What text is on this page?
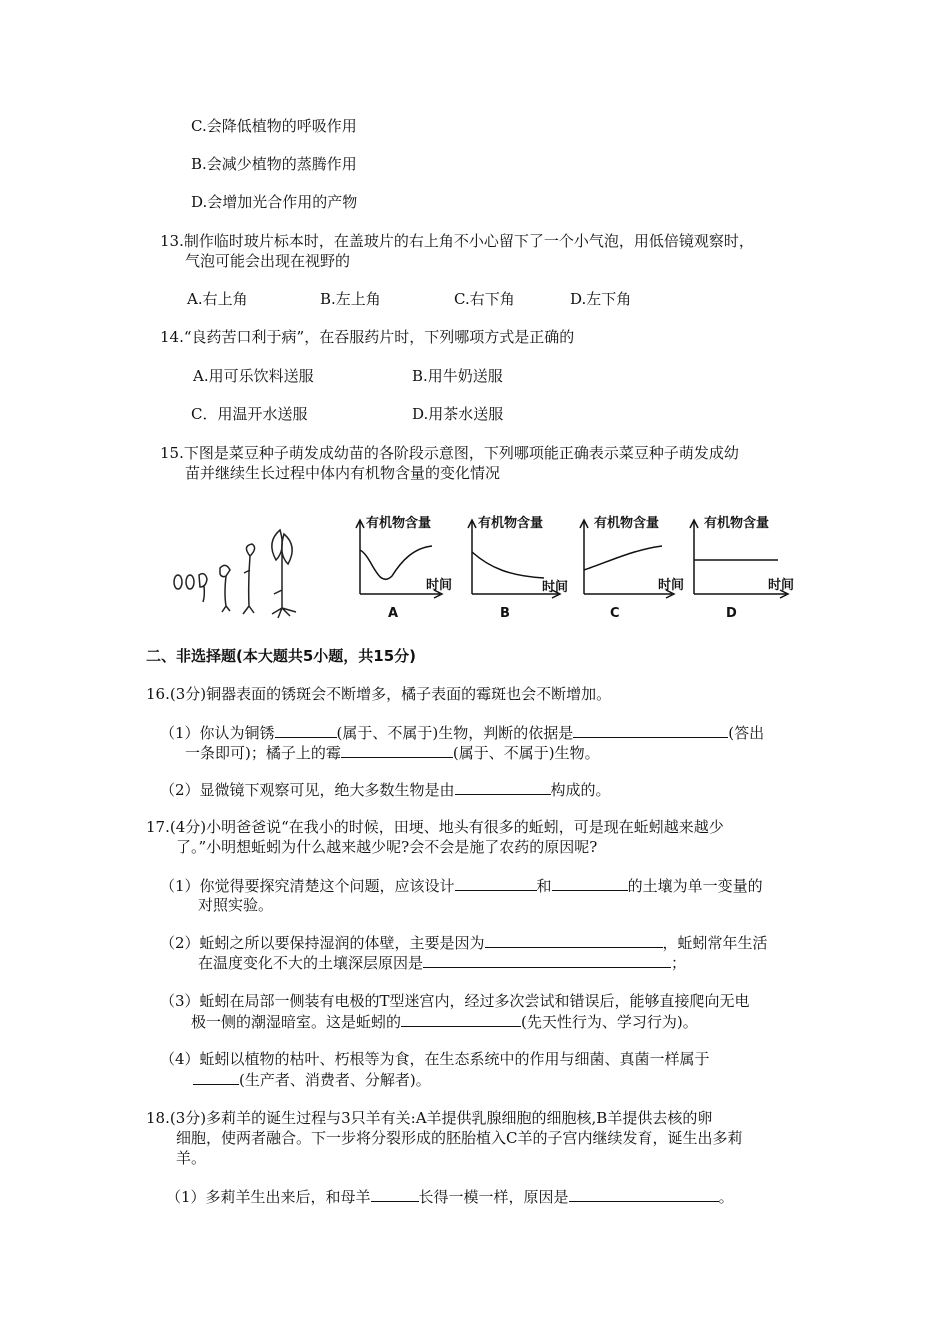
C.会降低植物的呼吸作用
B.会减少植物的蒸腾作用
D.会增加光合作用的产物
13.制作临时玻片标本时，在盖玻片的右上角不小心留下了一个小气泡，用低倍镜观察时，
气泡可能会出现在视野的
A.右上角	B.左上角	C.右下角	D.左下角
14.“良药苦口利于病”，在吞服药片时，下列哪项方式是正确的
A.用可乐饮料送服	B.用牛奶送服
C．用温开水送服	D.用茶水送服
15.下图是菜豆种子萌发成幼苗的各阶段示意图，下列哪项能正确表示菜豆种子萌发成幼
苗并继续生长过程中体内有机物含量的变化情况
有机物含量
时间
A
有机物含量
时间
B
有机物含量
时间
C
有机物含量
时间
D
二、非选择题(本大题共5小题，共15分)
16.(3分)铜器表面的锈斑会不断增多，橘子表面的霉斑也会不断增加。
（1）你认为铜锈	(属于、不属于)生物，判断的依据是	(答出
一条即可)；橘子上的霉	(属于、不属于)生物。
（2）显微镜下观察可见，绝大多数生物是由	构成的。
17.(4分)小明爸爸说“在我小的时候，田埂、地头有很多的蚯蚓，可是现在蚯蚓越来越少
了。”小明想蚯蚓为什么越来越少呢?会不会是施了农药的原因呢?
（1）你觉得要探究清楚这个问题，应该设计	和	的土壤为单一变量的
对照实验。
（2）蚯蚓之所以要保持湿润的体壁，主要是因为	，蚯蚓常年生活
在温度变化不大的土壤深层原因是	；
（3）蚯蚓在局部一侧装有电极的T型迷宫内，经过多次尝试和错误后，能够直接爬向无电
极一侧的潮湿暗室。这是蚯蚓的	(先天性行为、学习行为)。
（4）蚯蚓以植物的枯叶、朽根等为食，在生态系统中的作用与细菌、真菌一样属于
(生产者、消费者、分解者)。
18.(3分)多莉羊的诞生过程与3只羊有关:A羊提供乳腺细胞的细胞核,B羊提供去核的卵
细胞，使两者融合。下一步将分裂形成的胚胎植入C羊的子宫内继续发育，诞生出多莉
羊。
（1）多莉羊生出来后，和母羊	长得一模一样，原因是	。
